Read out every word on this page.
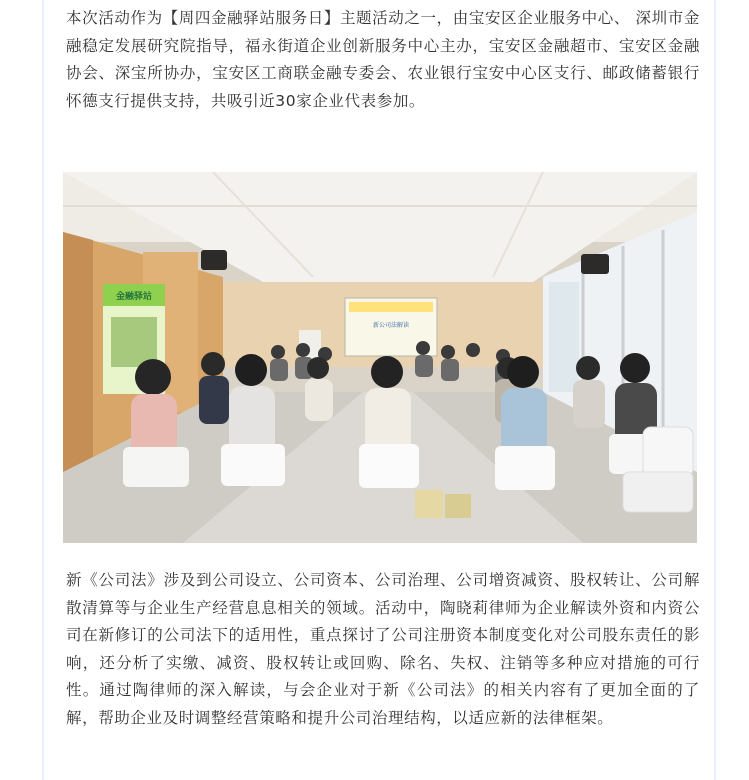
本次活动作为【周四金融驿站服务日】主题活动之一，由宝安区企业服务中心、 深圳市金融稳定发展研究院指导，福永街道企业创新服务中心主办，宝安区金融超市、宝安区金融协会、深宝所协办，宝安区工商联金融专委会、农业银行宝安中心区支行、邮政储蓄银行怀德支行提供支持，共吸引近30家企业代表参加。

新公司法解读
金融驿站

新《公司法》涉及到公司设立、公司资本、公司治理、公司增资减资、股权转让、公司解散清算等与企业生产经营息息相关的领域。活动中，陶晓莉律师为企业解读外资和内资公司在新修订的公司法下的适用性，重点探讨了公司注册资本制度变化对公司股东责任的影响，还分析了实缴、减资、股权转让或回购、除名、失权、注销等多种应对措施的可行性。通过陶律师的深入解读，与会企业对于新《公司法》的相关内容有了更加全面的了解，帮助企业及时调整经营策略和提升公司治理结构，以适应新的法律框架。
